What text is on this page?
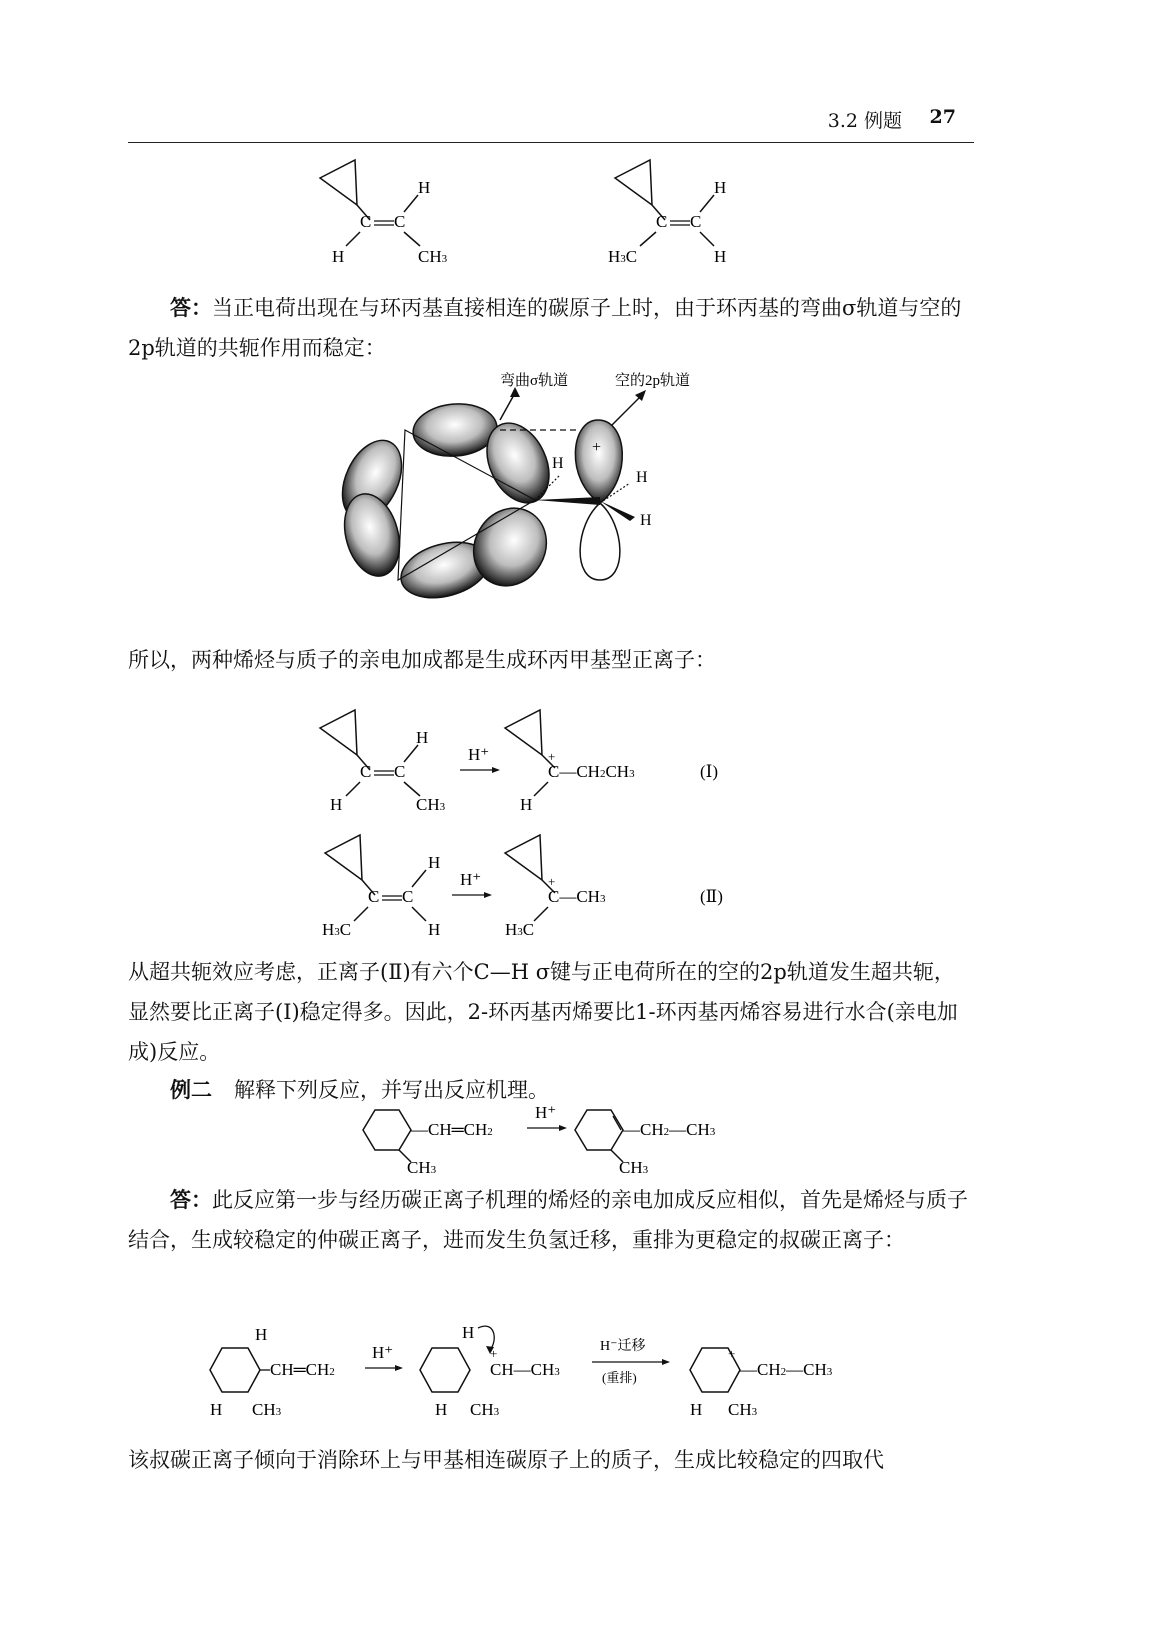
3.2 例题 27
C C
H
H	CH3
C C
H
H3C	H
答：当正电荷出现在与环丙基直接相连的碳原子上时，由于环丙基的弯曲σ轨道与空的2p轨道的共轭作用而稳定：
弯曲σ轨道	空的2p轨道
+
H
H
H
所以，两种烯烃与质子的亲电加成都是生成环丙甲基型正离子：
C C
H
H	CH3
H⁺	+
C—CH2CH3
H
(Ⅰ)
C C
H
H3C	H
H⁺	+
C—CH3
H3C
(Ⅱ)
从超共轭效应考虑，正离子(Ⅱ)有六个C—H σ键与正电荷所在的空的2p轨道发生超共轭，显然要比正离子(Ⅰ)稳定得多。因此，2-环丙基丙烯要比1-环丙基丙烯容易进行水合(亲电加成)反应。
例二 解释下列反应，并写出反应机理。
—CH═CH2
CH3
H⁺
—CH2—CH3
CH3
答：此反应第一步与经历碳正离子机理的烯烃的亲电加成反应相似，首先是烯烃与质子结合，生成较稳定的仲碳正离子，进而发生负氢迁移，重排为更稳定的叔碳正离子：
H
CH═CH2
H CH3
H⁺
H
+
CH—CH3
H CH3
H⁻迁移
(重排)
+
—CH2—CH3
H CH3
该叔碳正离子倾向于消除环上与甲基相连碳原子上的质子，生成比较稳定的四取代
